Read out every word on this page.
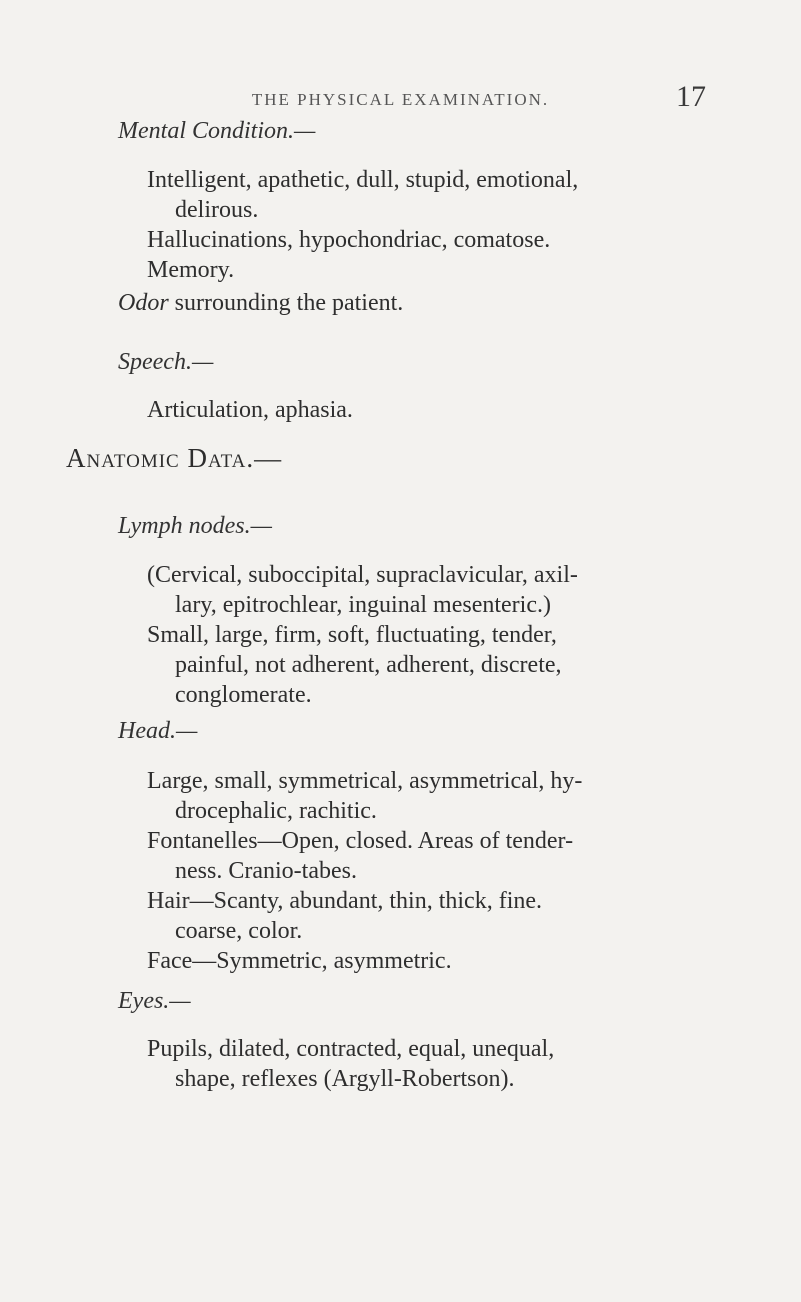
THE PHYSICAL EXAMINATION.	17
Mental Condition.—
Intelligent, apathetic, dull, stupid, emotional,
delirous.
Hallucinations, hypochondriac, comatose.
Memory.
Odor surrounding the patient.
Speech.—
Articulation, aphasia.
Anatomic Data.—
Lymph nodes.—
(Cervical, suboccipital, supraclavicular, axil-
lary, epitrochlear, inguinal mesenteric.)
Small, large, firm, soft, fluctuating, tender,
painful, not adherent, adherent, discrete,
conglomerate.
Head.—
Large, small, symmetrical, asymmetrical, hy-
drocephalic, rachitic.
Fontanelles—Open, closed. Areas of tender-
ness. Cranio-tabes.
Hair—Scanty, abundant, thin, thick, fine.
coarse, color.
Face—Symmetric, asymmetric.
Eyes.—
Pupils, dilated, contracted, equal, unequal,
shape, reflexes (Argyll-Robertson).
